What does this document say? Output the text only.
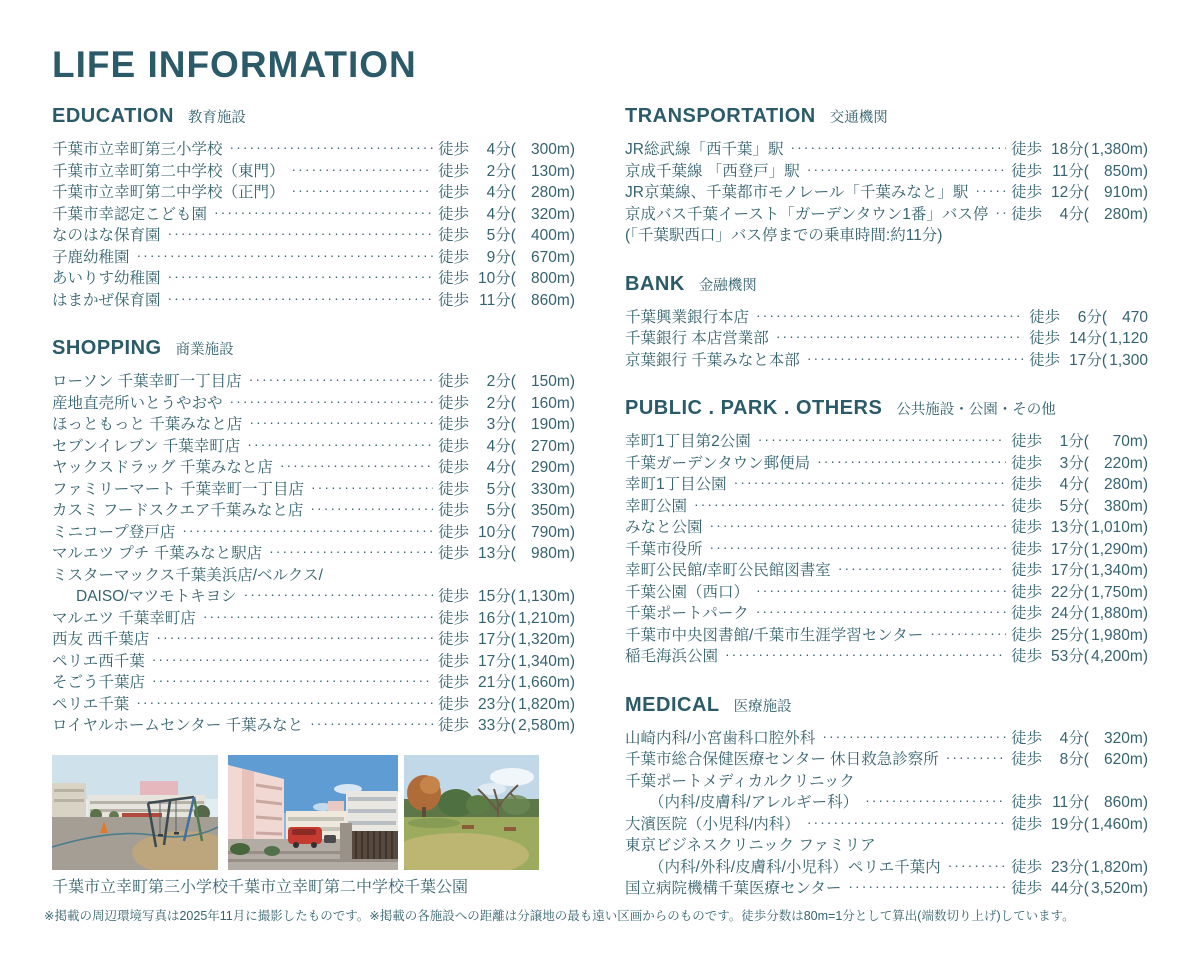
LIFE INFORMATION
EDUCATION 教育施設
千葉市立幸町第三小学校 ·····	徒歩 4 分( 300 m)
千葉市立幸町第二中学校（東門） ·····	徒歩 2 分( 130 m)
千葉市立幸町第二中学校（正門） ·····	徒歩 4 分( 280 m)
千葉市幸認定こども園 ·····	徒歩 4 分( 320 m)
なのはな保育園 ·····	徒歩 5 分( 400 m)
子鹿幼稚園 ·····	徒歩 9 分( 670 m)
あいりす幼稚園 ·····	徒歩 10 分( 800 m)
はまかぜ保育園 ·····	徒歩 11 分( 860 m)
SHOPPING 商業施設
ローソン 千葉幸町一丁目店 ·····	徒歩 2 分( 150 m)
産地直売所いとうやおや ·····	徒歩 2 分( 160 m)
ほっともっと 千葉みなと店 ·····	徒歩 3 分( 190 m)
セブンイレブン 千葉幸町店 ·····	徒歩 4 分( 270 m)
ヤックスドラッグ 千葉みなと店 ·····	徒歩 4 分( 290 m)
ファミリーマート 千葉幸町一丁目店 ·····	徒歩 5 分( 330 m)
カスミ フードスクエア千葉みなと店 ·····	徒歩 5 分( 350 m)
ミニコープ登戸店 ·····	徒歩 10 分( 790 m)
マルエツ プチ 千葉みなと駅店 ·····	徒歩 13 分( 980 m)
ミスターマックス千葉美浜店/ベルクス/
DAISO/マツモトキヨシ ·····	徒歩 15 分( 1,130 m)
マルエツ 千葉幸町店 ·····	徒歩 16 分( 1,210 m)
西友 西千葉店 ·····	徒歩 17 分( 1,320 m)
ペリエ西千葉 ·····	徒歩 17 分( 1,340 m)
そごう千葉店 ·····	徒歩 21 分( 1,660 m)
ペリエ千葉 ·····	徒歩 23 分( 1,820 m)
ロイヤルホームセンター 千葉みなと ·····	徒歩 33 分( 2,580 m)
TRANSPORTATION 交通機関
JR総武線「西千葉」駅 ·····	徒歩 18 分( 1,380 m)
京成千葉線 「西登戸」駅 ·····	徒歩 11 分( 850 m)
JR京葉線、千葉都市モノレール「千葉みなと」駅 ·····	徒歩 12 分( 910 m)
京成バス千葉イースト「ガーデンタウン1番」バス停 ····· 徒歩 4 分( 280 m)
(「千葉駅西口」バス停までの乗車時間:約11分)
BANK 金融機関
千葉興業銀行本店 ·····	徒歩 6 分( 470
千葉銀行 本店営業部 ·····	徒歩 14 分( 1,120
京葉銀行 千葉みなと本部 ·····	徒歩 17 分( 1,300
PUBLIC . PARK . OTHERS 公共施設・公園・その他
幸町1丁目第2公園 ·····	徒歩 1 分(	70 m)
千葉ガーデンタウン郵便局 ·····	徒歩 3 分( 220 m)
幸町1丁目公園 ·····	徒歩 4 分( 280 m)
幸町公園 ·····	徒歩 5 分( 380 m)
みなと公園 ·····	徒歩 13 分( 1,010 m)
千葉市役所 ·····	徒歩 17 分( 1,290 m)
幸町公民館/幸町公民館図書室 ·····	徒歩 17 分( 1,340 m)
千葉公園（西口） ·····	徒歩 22 分( 1,750 m)
千葉ポートパーク ·····	徒歩 24 分( 1,880 m)
千葉市中央図書館/千葉市生涯学習センター ·····	徒歩 25 分( 1,980 m)
稲毛海浜公園 ·····	徒歩 53 分( 4,200 m)
MEDICAL 医療施設
山崎内科/小宮歯科口腔外科 ·····	徒歩 4 分( 320 m)
千葉市総合保健医療センター 休日救急診察所 ·····	徒歩 8 分( 620 m)
千葉ポートメディカルクリニック
（内科/皮膚科/アレルギー科） ·····	徒歩 11 分( 860 m)
大濱医院（小児科/内科） ·····	徒歩 19 分( 1,460 m)
東京ビジネスクリニック ファミリア
（内科/外科/皮膚科/小児科）ペリエ千葉内 ·····	徒歩 23 分( 1,820 m)
国立病院機構千葉医療センター ·····	徒歩 44 分( 3,520 m)
千葉市立幸町第三小学校 千葉市立幸町第二中学校 千葉公園
※掲載の周辺環境写真は2025年11月に撮影したものです。※掲載の各施設への距離は分譲地の最も遠い区画からのものです。徒歩分数は80m=1分として算出(端数切り上げ)しています。
